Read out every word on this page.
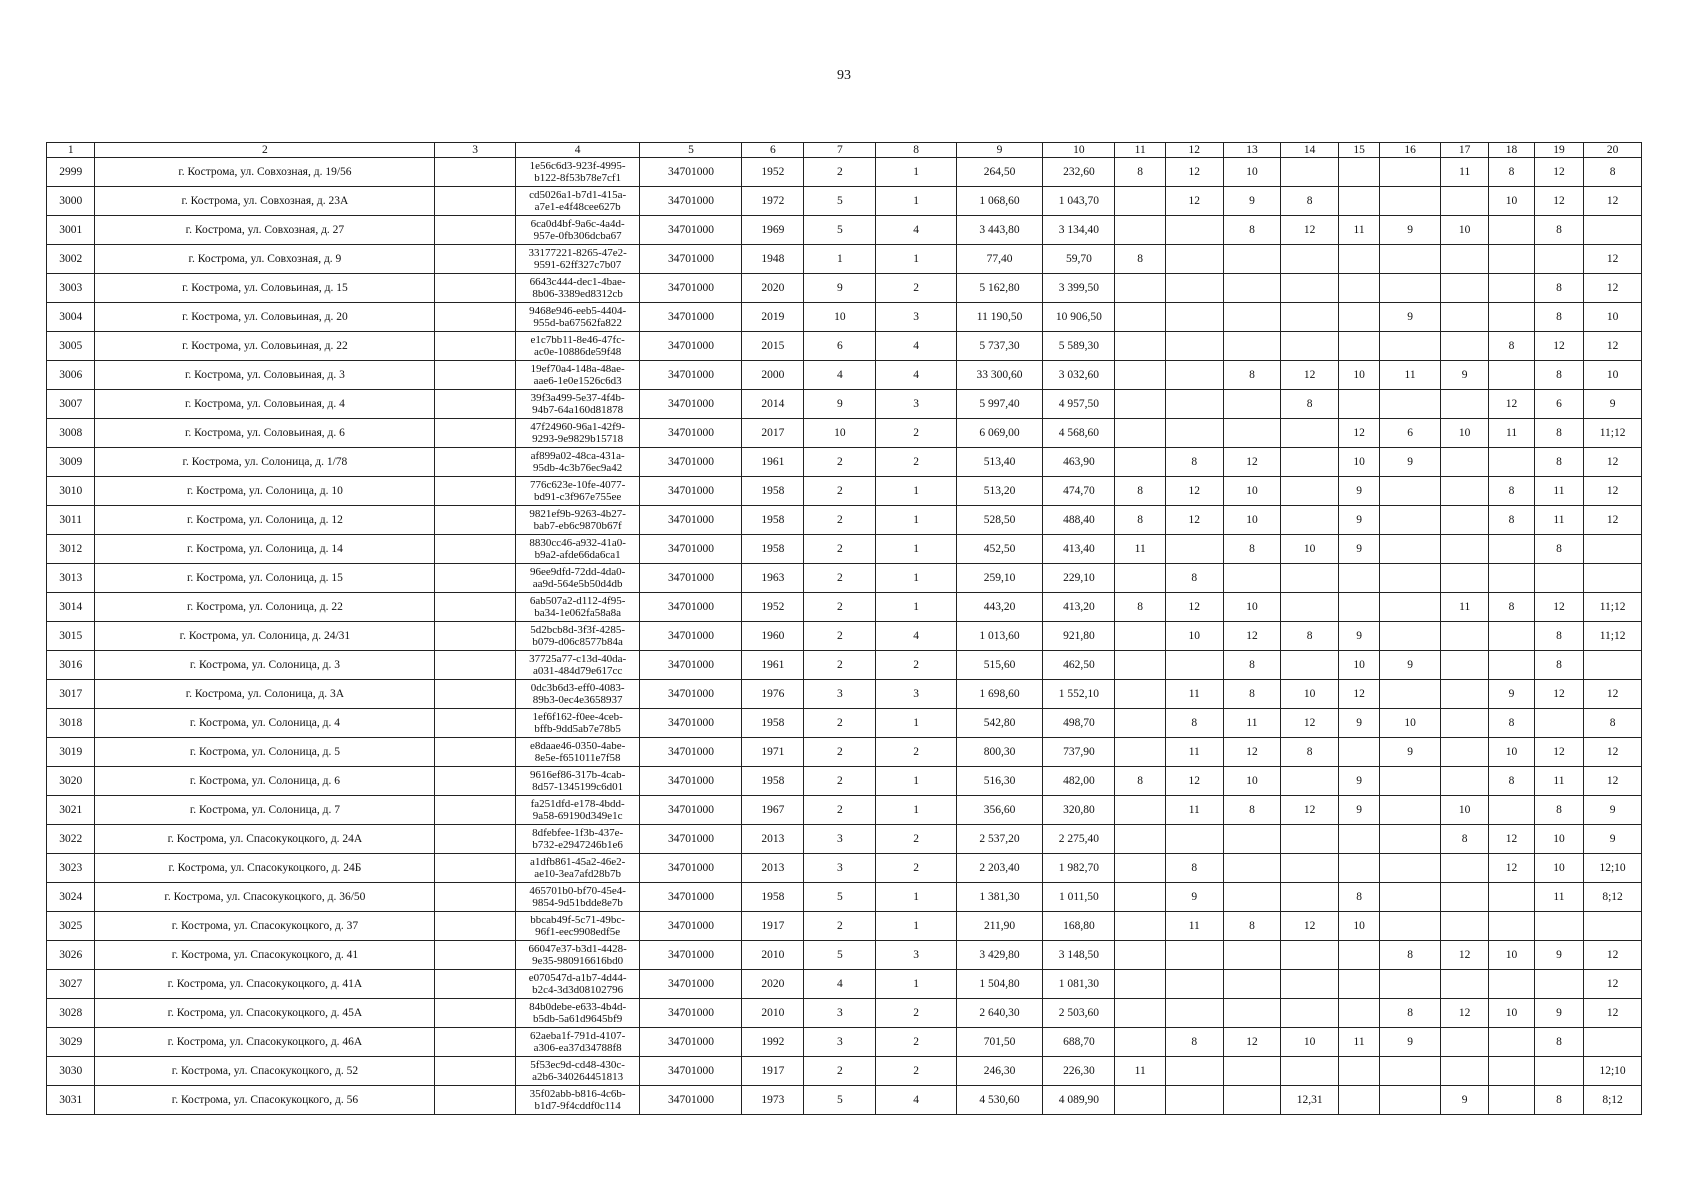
93
1	2	3	4	5	6	7	8	9	10	11	12	13	14	15	16	17	18	19	20
2999	г. Кострома, ул. Совхозная, д. 19/56		1e56c6d3-923f-4995-
b122-8f53b78e7cf1	34701000	1952	2	1	264,50	232,60	8	12	10				11	8	12	8
3000	г. Кострома, ул. Совхозная, д. 23А		cd5026a1-b7d1-415a-
a7e1-e4f48cee627b	34701000	1972	5	1	1 068,60	1 043,70		12	9	8				10	12	12
3001	г. Кострома, ул. Совхозная, д. 27		6ca0d4bf-9a6c-4a4d-
957e-0fb306dcba67	34701000	1969	5	4	3 443,80	3 134,40			8	12	11	9	10		8	
3002	г. Кострома, ул. Совхозная, д. 9		33177221-8265-47e2-
9591-62ff327c7b07	34701000	1948	1	1	77,40	59,70	8									12
3003	г. Кострома, ул. Соловьиная, д. 15		6643c444-dec1-4bae-
8b06-3389ed8312cb	34701000	2020	9	2	5 162,80	3 399,50									8	12
3004	г. Кострома, ул. Соловьиная, д. 20		9468e946-eeb5-4404-
955d-ba67562fa822	34701000	2019	10	3	11 190,50	10 906,50						9			8	10
3005	г. Кострома, ул. Соловьиная, д. 22		e1c7bb11-8e46-47fc-
ac0e-10886de59f48	34701000	2015	6	4	5 737,30	5 589,30								8	12	12
3006	г. Кострома, ул. Соловьиная, д. 3		19ef70a4-148a-48ae-
aae6-1e0e1526c6d3	34701000	2000	4	4	33 300,60	3 032,60			8	12	10	11	9		8	10
3007	г. Кострома, ул. Соловьиная, д. 4		39f3a499-5e37-4f4b-
94b7-64a160d81878	34701000	2014	9	3	5 997,40	4 957,50				8				12	6	9
3008	г. Кострома, ул. Соловьиная, д. 6		47f24960-96a1-42f9-
9293-9e9829b15718	34701000	2017	10	2	6 069,00	4 568,60					12	6	10	11	8	11;12
3009	г. Кострома, ул. Солоница, д. 1/78		af899a02-48ca-431a-
95db-4c3b76ec9a42	34701000	1961	2	2	513,40	463,90		8	12		10	9			8	12
3010	г. Кострома, ул. Солоница, д. 10		776c623e-10fe-4077-
bd91-c3f967e755ee	34701000	1958	2	1	513,20	474,70	8	12	10		9			8	11	12
3011	г. Кострома, ул. Солоница, д. 12		9821ef9b-9263-4b27-
bab7-eb6c9870b67f	34701000	1958	2	1	528,50	488,40	8	12	10		9			8	11	12
3012	г. Кострома, ул. Солоница, д. 14		8830cc46-a932-41a0-
b9a2-afde66da6ca1	34701000	1958	2	1	452,50	413,40	11		8	10	9				8	
3013	г. Кострома, ул. Солоница, д. 15		96ee9dfd-72dd-4da0-
aa9d-564e5b50d4db	34701000	1963	2	1	259,10	229,10		8								
3014	г. Кострома, ул. Солоница, д. 22		6ab507a2-d112-4f95-
ba34-1e062fa58a8a	34701000	1952	2	1	443,20	413,20	8	12	10				11	8	12	11;12
3015	г. Кострома, ул. Солоница, д. 24/31		5d2bcb8d-3f3f-4285-
b079-d06c8577b84a	34701000	1960	2	4	1 013,60	921,80		10	12	8	9				8	11;12
3016	г. Кострома, ул. Солоница, д. 3		37725a77-c13d-40da-
a031-484d79e617cc	34701000	1961	2	2	515,60	462,50			8		10	9			8	
3017	г. Кострома, ул. Солоница, д. 3А		0dc3b6d3-eff0-4083-
89b3-0ec4e3658937	34701000	1976	3	3	1 698,60	1 552,10		11	8	10	12			9	12	12
3018	г. Кострома, ул. Солоница, д. 4		1ef6f162-f0ee-4ceb-
bffb-9dd5ab7e78b5	34701000	1958	2	1	542,80	498,70		8	11	12	9	10		8		8
3019	г. Кострома, ул. Солоница, д. 5		e8daae46-0350-4abe-
8e5e-f651011e7f58	34701000	1971	2	2	800,30	737,90		11	12	8		9		10	12	12
3020	г. Кострома, ул. Солоница, д. 6		9616ef86-317b-4cab-
8d57-1345199c6d01	34701000	1958	2	1	516,30	482,00	8	12	10		9			8	11	12
3021	г. Кострома, ул. Солоница, д. 7		fa251dfd-e178-4bdd-
9a58-69190d349e1c	34701000	1967	2	1	356,60	320,80		11	8	12	9		10		8	9
3022	г. Кострома, ул. Спасокукоцкого, д. 24А		8dfebfee-1f3b-437e-
b732-e2947246b1e6	34701000	2013	3	2	2 537,20	2 275,40							8	12	10	9
3023	г. Кострома, ул. Спасокукоцкого, д. 24Б		a1dfb861-45a2-46e2-
ae10-3ea7afd28b7b	34701000	2013	3	2	2 203,40	1 982,70		8						12	10	12;10
3024	г. Кострома, ул. Спасокукоцкого, д. 36/50		465701b0-bf70-45e4-
9854-9d51bdde8e7b	34701000	1958	5	1	1 381,30	1 011,50		9			8				11	8;12
3025	г. Кострома, ул. Спасокукоцкого, д. 37		bbcab49f-5c71-49bc-
96f1-eec9908edf5e	34701000	1917	2	1	211,90	168,80		11	8	12	10					
3026	г. Кострома, ул. Спасокукоцкого, д. 41		66047e37-b3d1-4428-
9e35-980916616bd0	34701000	2010	5	3	3 429,80	3 148,50						8	12	10	9	12
3027	г. Кострома, ул. Спасокукоцкого, д. 41А		e070547d-a1b7-4d44-
b2c4-3d3d08102796	34701000	2020	4	1	1 504,80	1 081,30										12
3028	г. Кострома, ул. Спасокукоцкого, д. 45А		84b0debe-e633-4b4d-
b5db-5a61d9645bf9	34701000	2010	3	2	2 640,30	2 503,60						8	12	10	9	12
3029	г. Кострома, ул. Спасокукоцкого, д. 46А		62aeba1f-791d-4107-
a306-ea37d34788f8	34701000	1992	3	2	701,50	688,70		8	12	10	11	9			8	
3030	г. Кострома, ул. Спасокукоцкого, д. 52		5f53ec9d-cd48-430c-
a2b6-340264451813	34701000	1917	2	2	246,30	226,30	11									12;10
3031	г. Кострома, ул. Спасокукоцкого, д. 56		35f02abb-b816-4c6b-
b1d7-9f4cddf0c114	34701000	1973	5	4	4 530,60	4 089,90				12,31			9		8	8;12
